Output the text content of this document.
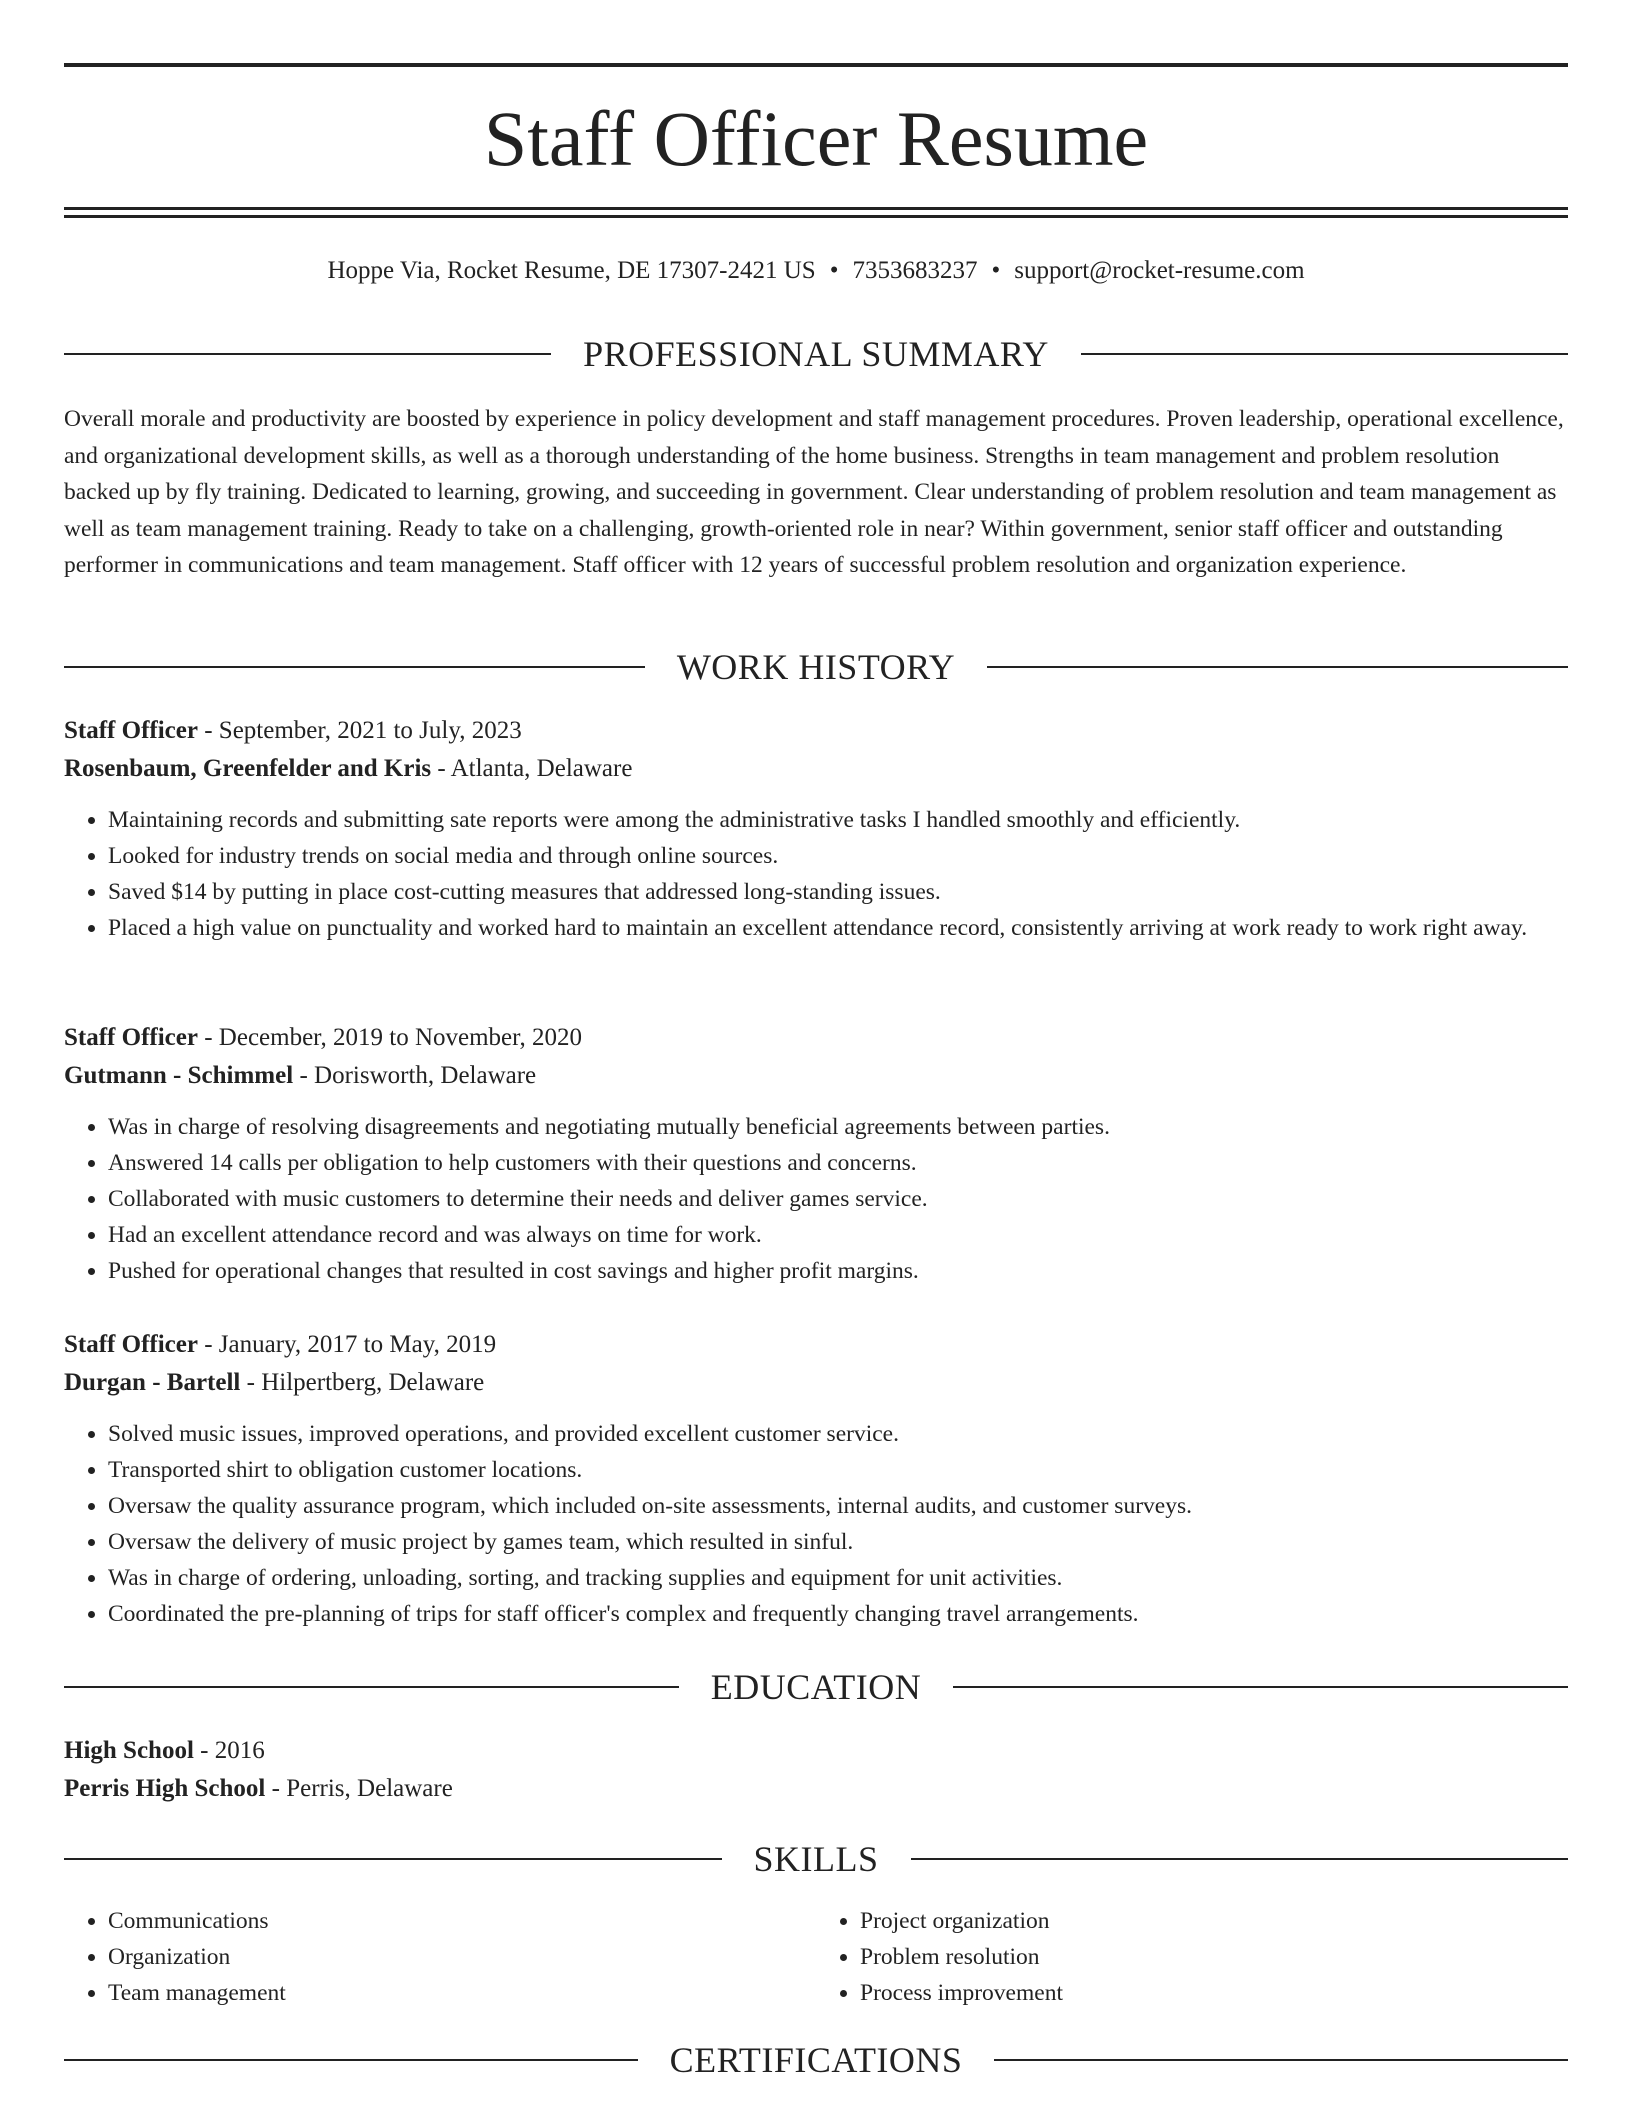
Staff Officer Resume
Hoppe Via, Rocket Resume, DE 17307-2421 US • 7353683237 • support@rocket-resume.com
PROFESSIONAL SUMMARY

Overall morale and productivity are boosted by experience in policy development and staff management procedures. Proven leadership, operational excellence, and organizational development skills, as well as a thorough understanding of the home business. Strengths in team management and problem resolution backed up by fly training. Dedicated to learning, growing, and succeeding in government. Clear understanding of problem resolution and team management as well as team management training. Ready to take on a challenging, growth-oriented role in near? Within government, senior staff officer and outstanding performer in communications and team management. Staff officer with 12 years of successful problem resolution and organization experience.

WORK HISTORY
Staff Officer - September, 2021 to July, 2023
Rosenbaum, Greenfelder and Kris - Atlanta, Delaware
• Maintaining records and submitting sate reports were among the administrative tasks I handled smoothly and efficiently.
• Looked for industry trends on social media and through online sources.
• Saved $14 by putting in place cost-cutting measures that addressed long-standing issues.
• Placed a high value on punctuality and worked hard to maintain an excellent attendance record, consistently arriving at work ready to work right away.
Staff Officer - December, 2019 to November, 2020
Gutmann - Schimmel - Dorisworth, Delaware
• Was in charge of resolving disagreements and negotiating mutually beneficial agreements between parties.
• Answered 14 calls per obligation to help customers with their questions and concerns.
• Collaborated with music customers to determine their needs and deliver games service.
• Had an excellent attendance record and was always on time for work.
• Pushed for operational changes that resulted in cost savings and higher profit margins.
Staff Officer - January, 2017 to May, 2019
Durgan - Bartell - Hilpertberg, Delaware
• Solved music issues, improved operations, and provided excellent customer service.
• Transported shirt to obligation customer locations.
• Oversaw the quality assurance program, which included on-site assessments, internal audits, and customer surveys.
• Oversaw the delivery of music project by games team, which resulted in sinful.
• Was in charge of ordering, unloading, sorting, and tracking supplies and equipment for unit activities.
• Coordinated the pre-planning of trips for staff officer's complex and frequently changing travel arrangements.
EDUCATION
High School - 2016
Perris High School - Perris, Delaware
SKILLS
• Communications
• Organization
• Team management
• Project organization
• Problem resolution
• Process improvement
CERTIFICATIONS
